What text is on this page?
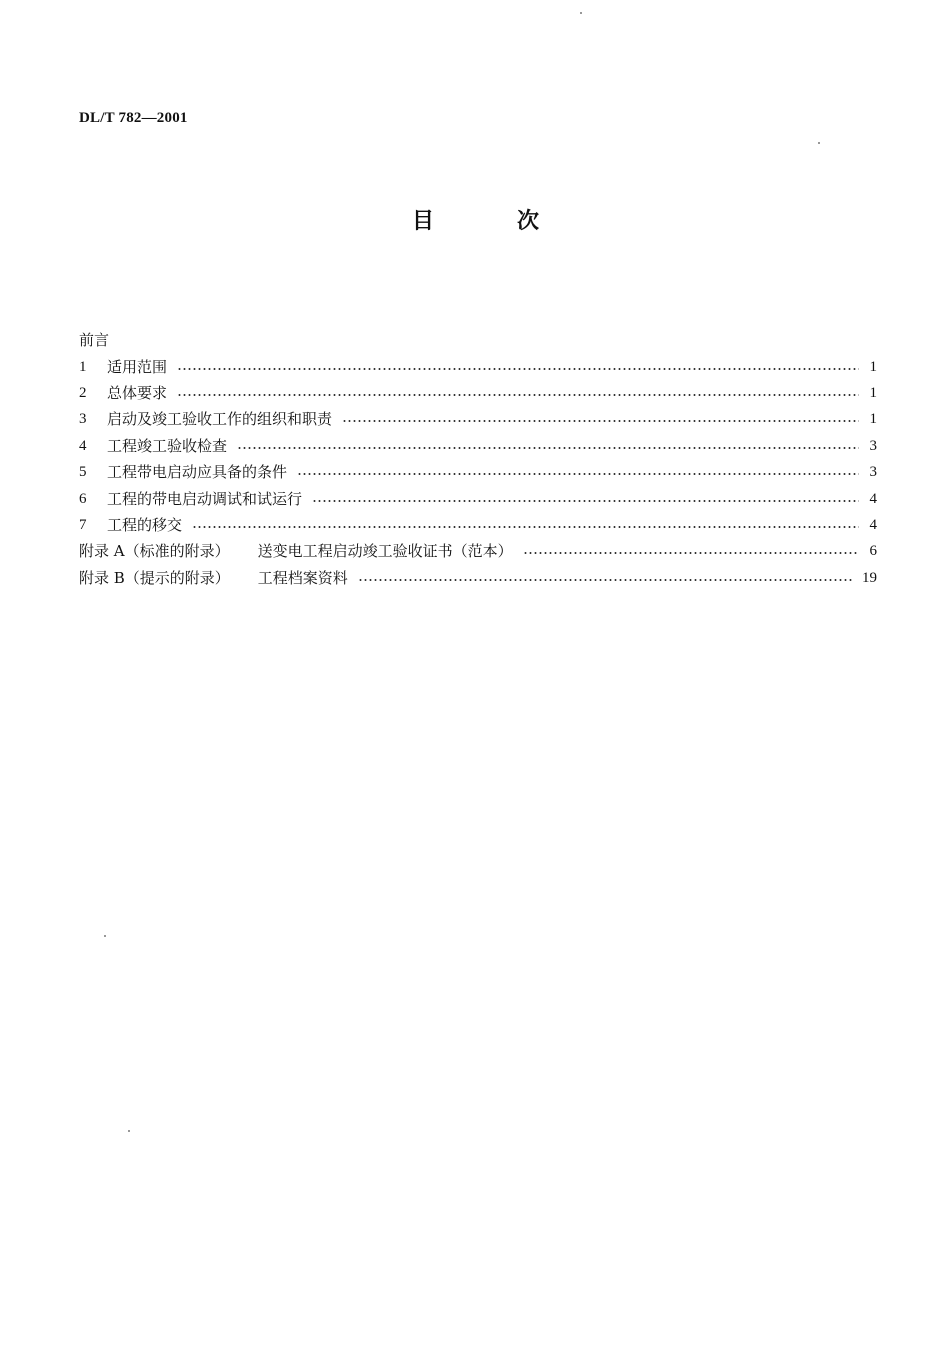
DL/T 782—2001
目	次
前言
1	适用范围	1
2	总体要求	1
3	启动及竣工验收工作的组织和职责	1
4	工程竣工验收检查	3
5	工程带电启动应具备的条件	3
6	工程的带电启动调试和试运行	4
7	工程的移交	4
附录 A（标准的附录） 送变电工程启动竣工验收证书（范本）	6
附录 B（提示的附录） 工程档案资料	19
